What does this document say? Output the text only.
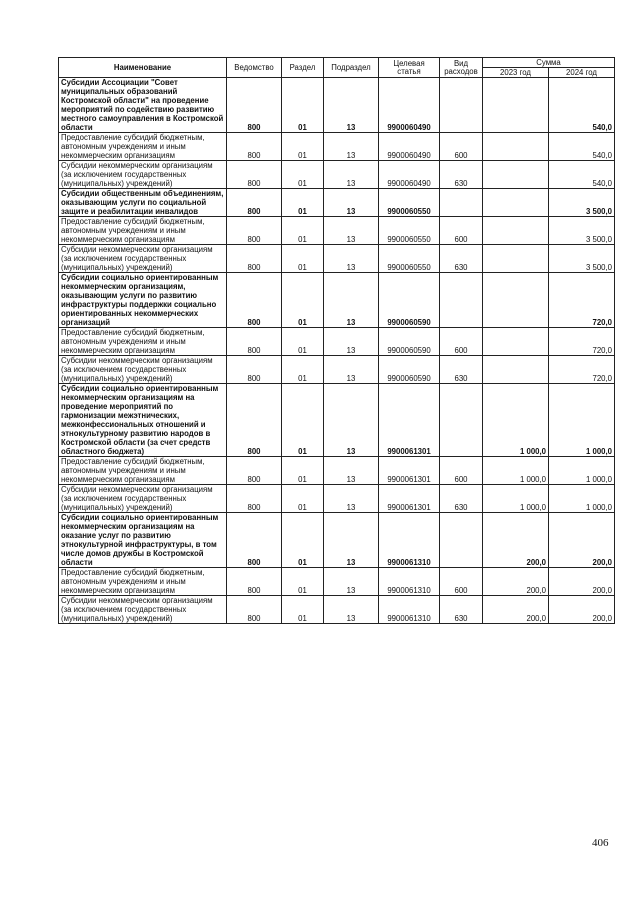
Наименование	Ведомство	Раздел	Подраздел	Целевая статья	Вид расходов	Сумма	
						2023 год	2024 год
Субсидии Ассоциации "Совет муниципальных образований Костромской области" на проведение мероприятий по содействию развитию местного самоуправления в Костромской области	800	01	13	9900060490			540,0
Предоставление субсидий бюджетным, автономным учреждениям и иным некоммерческим организациям	800	01	13	9900060490	600		540,0
Субсидии некоммерческим организациям (за исключением государственных (муниципальных) учреждений)	800	01	13	9900060490	630		540,0
Субсидии общественным объединениям, оказывающим услуги по социальной защите и реабилитации инвалидов	800	01	13	9900060550			3 500,0
Предоставление субсидий бюджетным, автономным учреждениям и иным некоммерческим организациям	800	01	13	9900060550	600		3 500,0
Субсидии некоммерческим организациям (за исключением государственных (муниципальных) учреждений)	800	01	13	9900060550	630		3 500,0
Субсидии социально ориентированным некоммерческим организациям, оказывающим услуги по развитию инфраструктуры поддержки социально ориентированных некоммерческих организаций	800	01	13	9900060590			720,0
Предоставление субсидий бюджетным, автономным учреждениям и иным некоммерческим организациям	800	01	13	9900060590	600		720,0
Субсидии некоммерческим организациям (за исключением государственных (муниципальных) учреждений)	800	01	13	9900060590	630		720,0
Субсидии социально ориентированным некоммерческим организациям на проведение мероприятий по гармонизации межэтнических, межконфессиональных отношений и этнокультурному развитию народов в Костромской области (за счет средств областного бюджета)	800	01	13	9900061301		1 000,0	1 000,0
Предоставление субсидий бюджетным, автономным учреждениям и иным некоммерческим организациям	800	01	13	9900061301	600	1 000,0	1 000,0
Субсидии некоммерческим организациям (за исключением государственных (муниципальных) учреждений)	800	01	13	9900061301	630	1 000,0	1 000,0
Субсидии социально ориентированным некоммерческим организациям на оказание услуг по развитию этнокультурной инфраструктуры, в том числе домов дружбы в Костромской области	800	01	13	9900061310		200,0	200,0
Предоставление субсидий бюджетным, автономным учреждениям и иным некоммерческим организациям	800	01	13	9900061310	600	200,0	200,0
Субсидии некоммерческим организациям (за исключением государственных (муниципальных) учреждений)	800	01	13	9900061310	630	200,0	200,0
406
